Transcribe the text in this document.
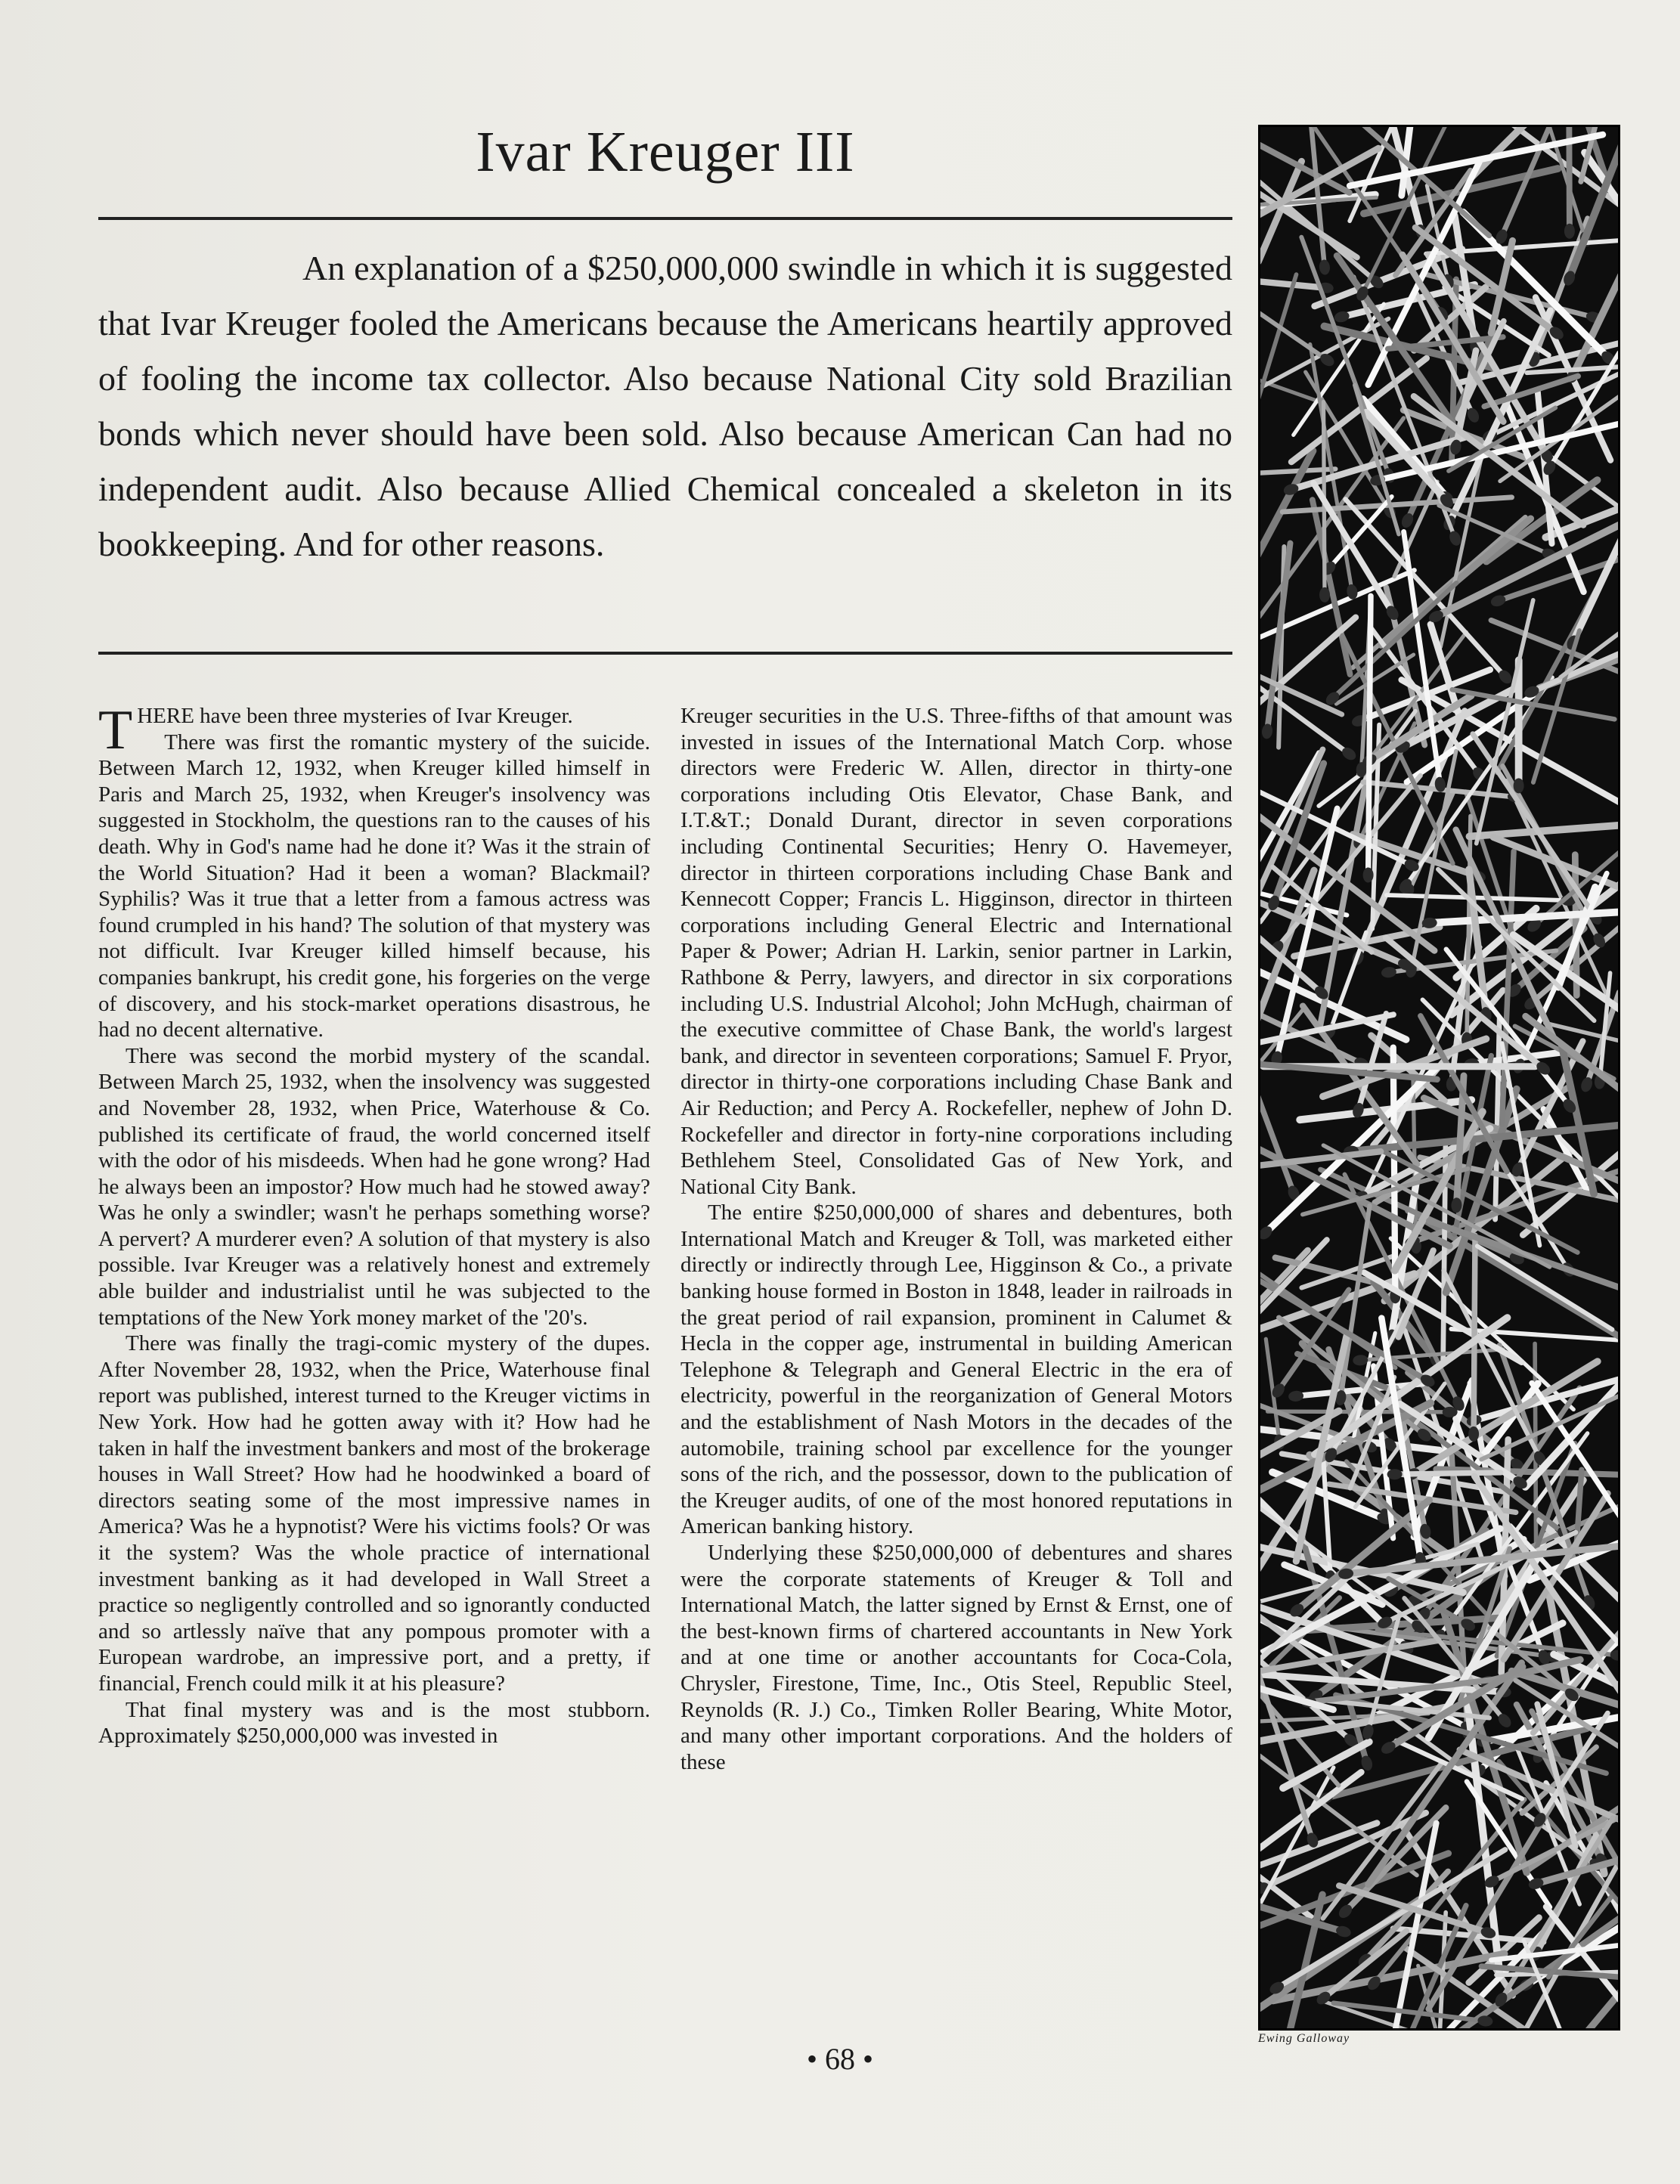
Ivar Kreuger III

An explanation of a $250,000,000 swindle in which it is suggested that Ivar Kreuger fooled the Americans because the Americans heartily approved of fooling the income tax collector. Also because National City sold Brazilian bonds which never should have been sold. Also because American Can had no independent audit. Also because Allied Chemical concealed a skeleton in its bookkeeping. And for other reasons.

THERE have been three mysteries of Ivar Kreuger.

There was first the romantic mystery of the suicide. Between March 12, 1932, when Kreuger killed himself in Paris and March 25, 1932, when Kreuger's insolvency was suggested in Stockholm, the questions ran to the causes of his death. Why in God's name had he done it? Was it the strain of the World Situation? Had it been a woman? Blackmail? Syphilis? Was it true that a letter from a famous actress was found crumpled in his hand? The solution of that mystery was not difficult. Ivar Kreuger killed himself because, his companies bankrupt, his credit gone, his forgeries on the verge of discovery, and his stock-market operations disastrous, he had no decent alternative.

There was second the morbid mystery of the scandal. Between March 25, 1932, when the insolvency was suggested and November 28, 1932, when Price, Waterhouse & Co. published its certificate of fraud, the world concerned itself with the odor of his misdeeds. When had he gone wrong? Had he always been an impostor? How much had he stowed away? Was he only a swindler; wasn't he perhaps something worse? A pervert? A murderer even? A solution of that mystery is also possible. Ivar Kreuger was a relatively honest and extremely able builder and industrialist until he was subjected to the temptations of the New York money market of the '20's.

There was finally the tragi-comic mystery of the dupes. After November 28, 1932, when the Price, Waterhouse final report was published, interest turned to the Kreuger victims in New York. How had he gotten away with it? How had he taken in half the investment bankers and most of the brokerage houses in Wall Street? How had he hoodwinked a board of directors seating some of the most impressive names in America? Was he a hypnotist? Were his victims fools? Or was it the system? Was the whole practice of international investment banking as it had developed in Wall Street a practice so negligently controlled and so ignorantly conducted and so artlessly naïve that any pompous promoter with a European wardrobe, an impressive port, and a pretty, if financial, French could milk it at his pleasure?

That final mystery was and is the most stubborn. Approximately $250,000,000 was invested in

Kreuger securities in the U.S. Three-fifths of that amount was invested in issues of the International Match Corp. whose directors were Frederic W. Allen, director in thirty-one corporations including Otis Elevator, Chase Bank, and I.T.&T.; Donald Durant, director in seven corporations including Continental Securities; Henry O. Havemeyer, director in thirteen corporations including Chase Bank and Kennecott Copper; Francis L. Higginson, director in thirteen corporations including General Electric and International Paper & Power; Adrian H. Larkin, senior partner in Larkin, Rathbone & Perry, lawyers, and director in six corporations including U.S. Industrial Alcohol; John McHugh, chairman of the executive committee of Chase Bank, the world's largest bank, and director in seventeen corporations; Samuel F. Pryor, director in thirty-one corporations including Chase Bank and Air Reduction; and Percy A. Rockefeller, nephew of John D. Rockefeller and director in forty-nine corporations including Bethlehem Steel, Consolidated Gas of New York, and National City Bank.

The entire $250,000,000 of shares and debentures, both International Match and Kreuger & Toll, was marketed either directly or indirectly through Lee, Higginson & Co., a private banking house formed in Boston in 1848, leader in railroads in the great period of rail expansion, prominent in Calumet & Hecla in the copper age, instrumental in building American Telephone & Telegraph and General Electric in the era of electricity, powerful in the reorganization of General Motors and the establishment of Nash Motors in the decades of the automobile, training school par excellence for the younger sons of the rich, and the possessor, down to the publication of the Kreuger audits, of one of the most honored reputations in American banking history.

Underlying these $250,000,000 of debentures and shares were the corporate statements of Kreuger & Toll and International Match, the latter signed by Ernst & Ernst, one of the best-known firms of chartered accountants in New York and at one time or another accountants for Coca-Cola, Chrysler, Firestone, Time, Inc., Otis Steel, Republic Steel, Reynolds (R. J.) Co., Timken Roller Bearing, White Motor, and many other important corporations. And the holders of these

Ewing Galloway
• 68 •
